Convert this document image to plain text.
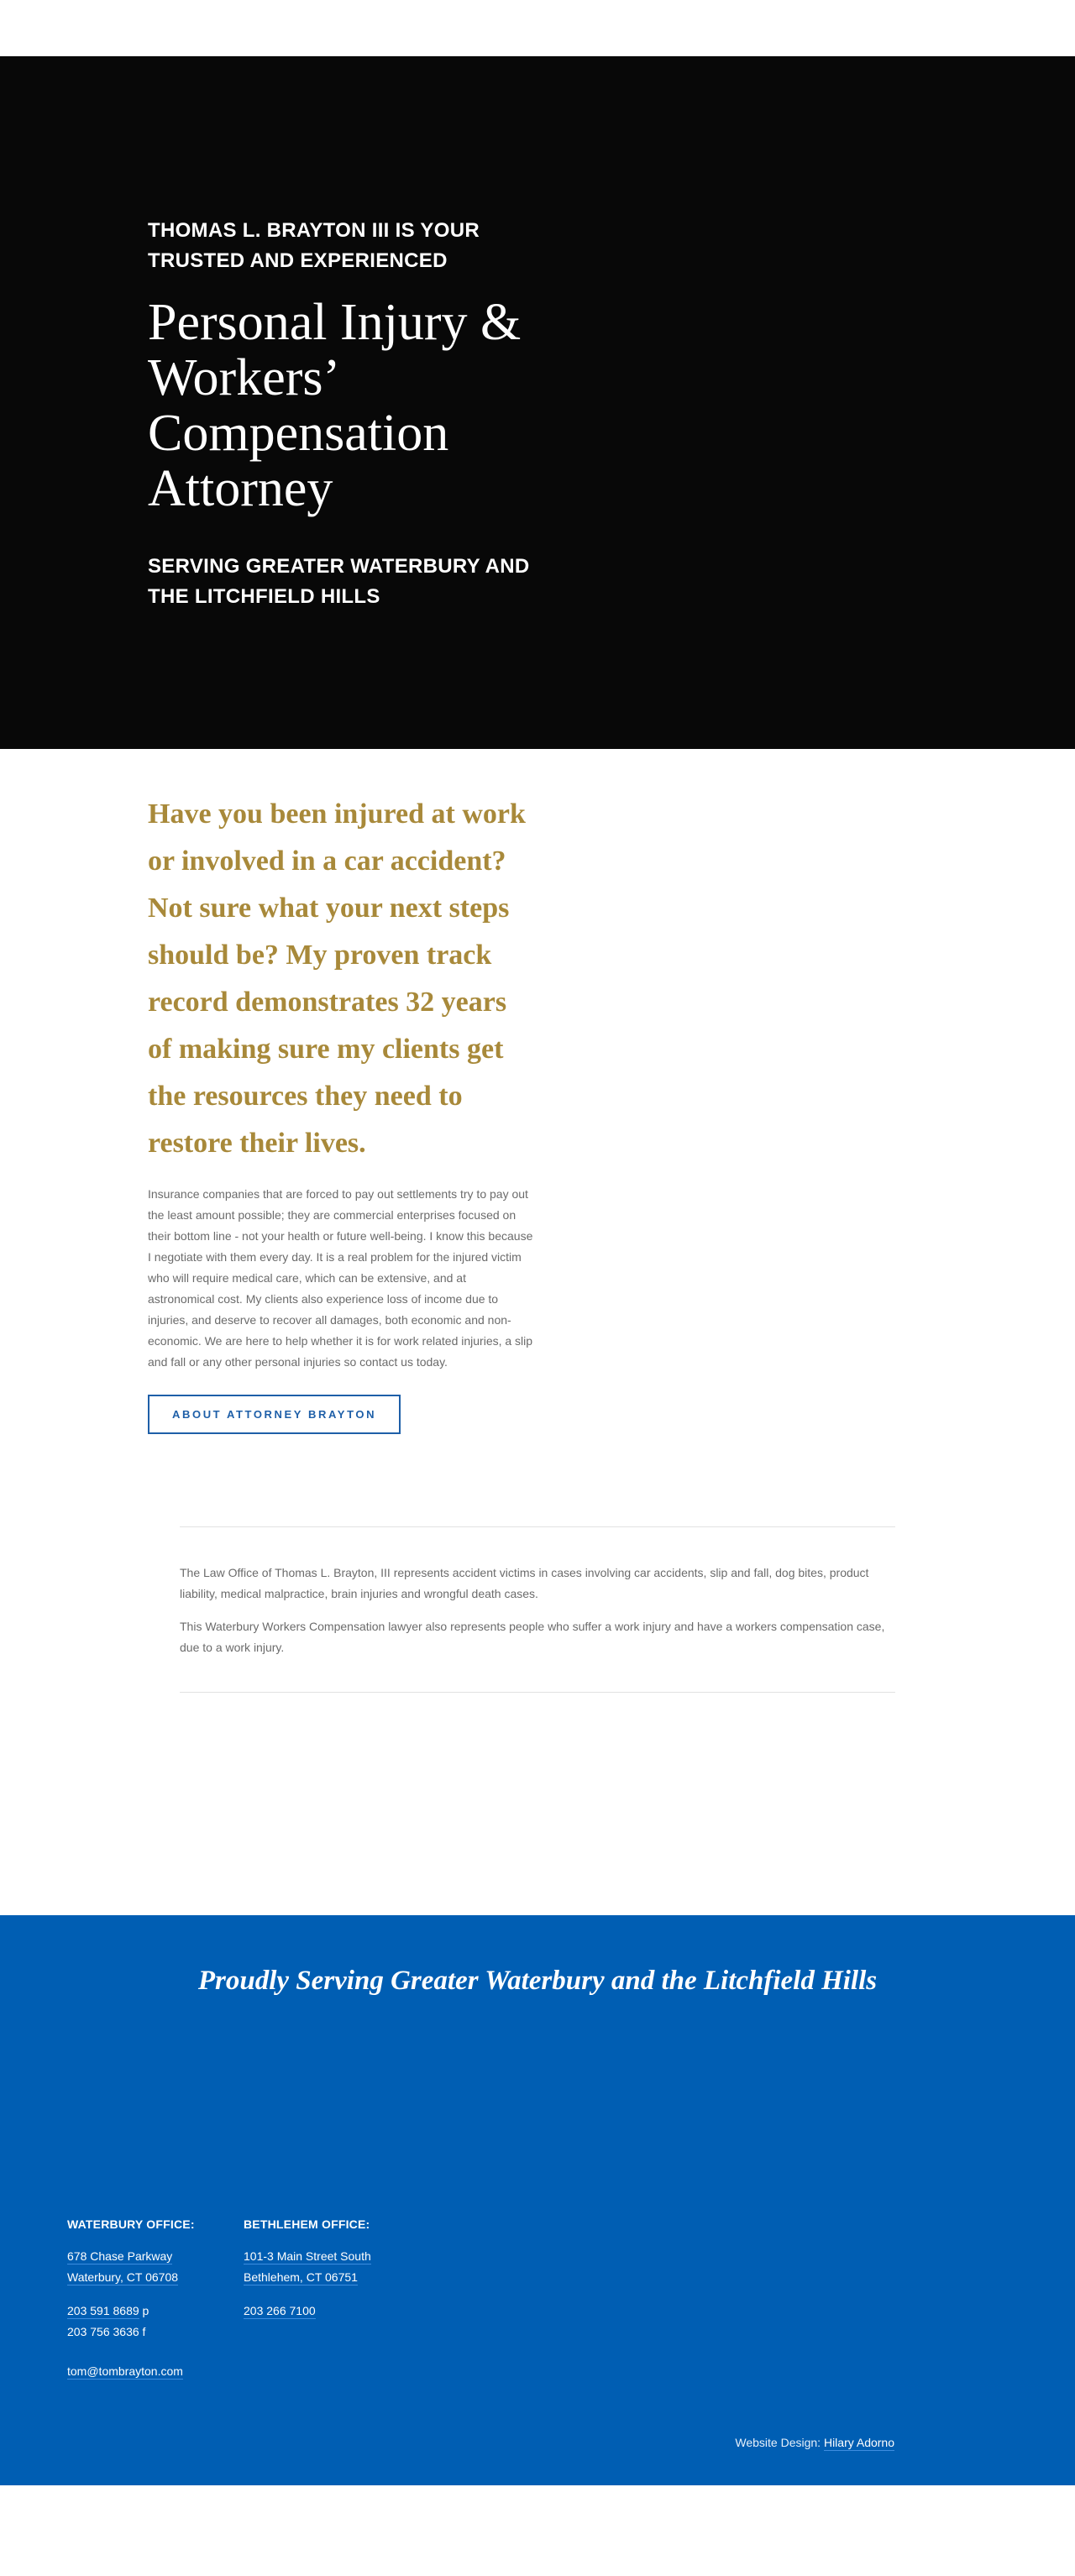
THOMAS L. BRAYTON III IS YOUR TRUSTED AND EXPERIENCED
Personal Injury & Workers’ Compensation Attorney
SERVING GREATER WATERBURY AND THE LITCHFIELD HILLS
Have you been injured at work or involved in a car accident? Not sure what your next steps should be? My proven track record demonstrates 32 years of making sure my clients get the resources they need to restore their lives.

Insurance companies that are forced to pay out settlements try to pay out the least amount possible; they are commercial enterprises focused on their bottom line - not your health or future well-being. I know this because I negotiate with them every day. It is a real problem for the injured victim who will require medical care, which can be extensive, and at astronomical cost. My clients also experience loss of income due to injuries, and deserve to recover all damages, both economic and non-economic. We are here to help whether it is for work related injuries, a slip and fall or any other personal injuries so contact us today.

ABOUT ATTORNEY BRAYTON

The Law Office of Thomas L. Brayton, III represents accident victims in cases involving car accidents, slip and fall, dog bites, product liability, medical malpractice, brain injuries and wrongful death cases.

This Waterbury Workers Compensation lawyer also represents people who suffer a work injury and have a workers compensation case, due to a work injury.

Proudly Serving Greater Waterbury and the Litchfield Hills
WATERBURY OFFICE:
678 Chase Parkway
Waterbury, CT 06708
203 591 8689 p
203 756 3636 f
tom@tombrayton.com
BETHLEHEM OFFICE:
101-3 Main Street South
Bethlehem, CT 06751
203 266 7100
Website Design: Hilary Adorno
